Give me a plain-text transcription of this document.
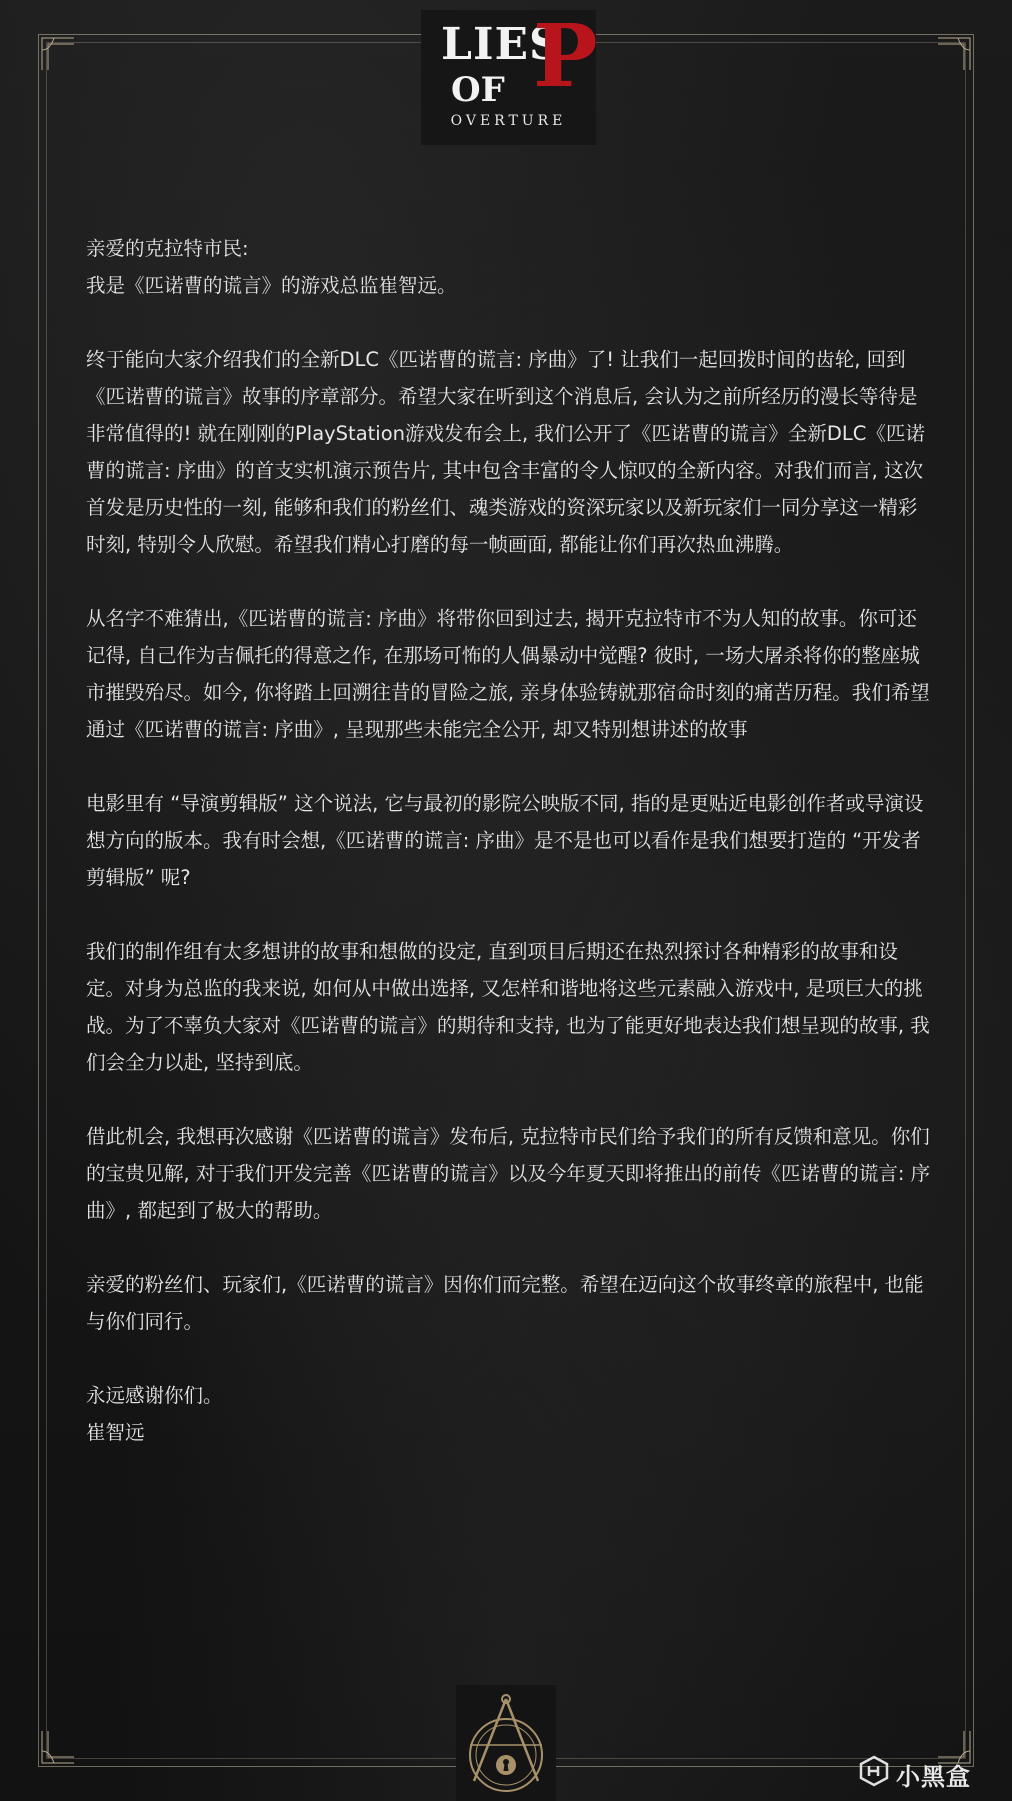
LIES
OF P
OVERTURE

亲爱的克拉特市民:

我是《匹诺曹的谎言》的游戏总监崔智远。

终于能向大家介绍我们的全新DLC《匹诺曹的谎言: 序曲》了! 让我们一起回拨时间的齿轮, 回到《匹诺曹的谎言》故事的序章部分。希望大家在听到这个消息后, 会认为之前所经历的漫长等待是非常值得的! 就在刚刚的PlayStation游戏发布会上, 我们公开了《匹诺曹的谎言》全新DLC《匹诺曹的谎言: 序曲》的首支实机演示预告片, 其中包含丰富的令人惊叹的全新内容。对我们而言, 这次首发是历史性的一刻, 能够和我们的粉丝们、魂类游戏的资深玩家以及新玩家们一同分享这一精彩时刻, 特别令人欣慰。希望我们精心打磨的每一帧画面, 都能让你们再次热血沸腾。

从名字不难猜出,《匹诺曹的谎言: 序曲》将带你回到过去, 揭开克拉特市不为人知的故事。你可还记得, 自己作为吉佩托的得意之作, 在那场可怖的人偶暴动中觉醒? 彼时, 一场大屠杀将你的整座城市摧毁殆尽。如今, 你将踏上回溯往昔的冒险之旅, 亲身体验铸就那宿命时刻的痛苦历程。我们希望通过《匹诺曹的谎言: 序曲》, 呈现那些未能完全公开, 却又特别想讲述的故事

电影里有 “导演剪辑版” 这个说法, 它与最初的影院公映版不同, 指的是更贴近电影创作者或导演设想方向的版本。我有时会想,《匹诺曹的谎言: 序曲》是不是也可以看作是我们想要打造的 “开发者剪辑版” 呢?

我们的制作组有太多想讲的故事和想做的设定, 直到项目后期还在热烈探讨各种精彩的故事和设定。对身为总监的我来说, 如何从中做出选择, 又怎样和谐地将这些元素融入游戏中, 是项巨大的挑战。为了不辜负大家对《匹诺曹的谎言》的期待和支持, 也为了能更好地表达我们想呈现的故事, 我们会全力以赴, 坚持到底。

借此机会, 我想再次感谢《匹诺曹的谎言》发布后, 克拉特市民们给予我们的所有反馈和意见。你们的宝贵见解, 对于我们开发完善《匹诺曹的谎言》以及今年夏天即将推出的前传《匹诺曹的谎言: 序曲》, 都起到了极大的帮助。

亲爱的粉丝们、玩家们,《匹诺曹的谎言》因你们而完整。希望在迈向这个故事终章的旅程中, 也能与你们同行。

永远感谢你们。

崔智远

小黑盒
